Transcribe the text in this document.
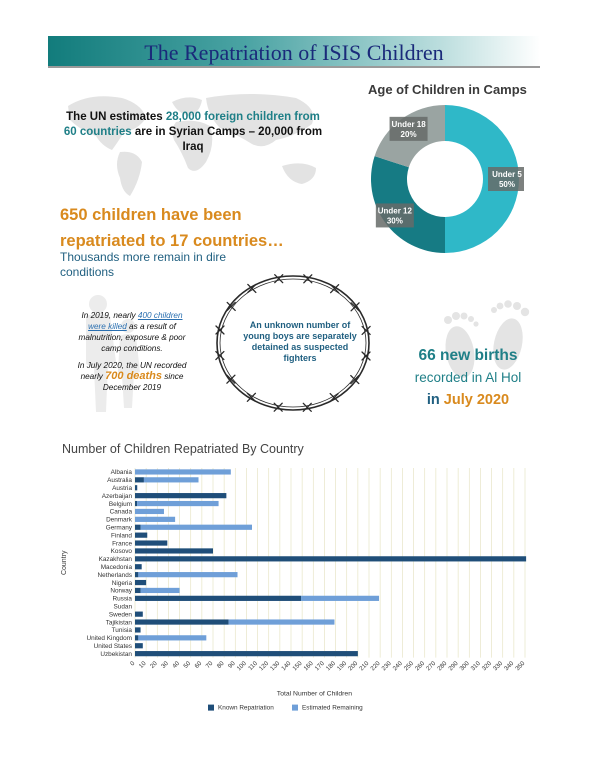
The Repatriation of ISIS Children
The UN estimates 28,000 foreign children from 60 countries are in Syrian Camps – 20,000 from Iraq
650 children have been
repatriated to 17 countries…
Thousands more remain in dire conditions

In 2019, nearly 400 children were killed as a result of malnutrition, exposure & poor camp conditions.

In July 2020, the UN recorded nearly 700 deaths since December 2019

An unknown number of young boys are separately detained as suspected fighters
Age of Children in Camps
Under 5
50%
Under 12
30%
Under 18
20%
66 new births
recorded in Al Hol
in July 2020
Number of Children Repatriated By Country
0 10 20 30 40 50 60 70 80 90
100 110
120
130
140
150
160
170
180
190
200
210
220
230
240
250
260
270
280
290
300
310
320
330
340
350
Albania
Australia
Austria
Azerbaijan
Belgium
Canada
Denmark
Germany
Finland
France
Kosovo
Kazakhstan
Macedonia
Netherlands
Nigeria
Norway
Russia
Sudan
Sweden
Tajikistan
Tunisia
United Kingdom
United States
Uzbekistan
Country
Total Number of Children
Known Repatriation	Estimated Remaining
